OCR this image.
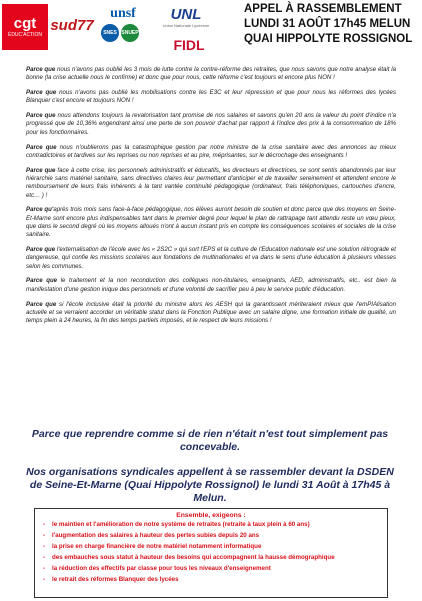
cgt
ÉDUC'ACTION
sud77
unsf
SNES SNUEP
UNL
Union Nationale Lycéenne
FIDL
APPEL À RASSEMBLEMENT
LUNDI 31 AOÛT 17h45 MELUN
QUAI HIPPOLYTE ROSSIGNOL

Parce que nous n'avons pas oublié les 3 mois de lutte contre la contre-réforme des retraites, que nous savons que notre analyse était la bonne (la crise actuelle nous le confirme) et donc que pour nous, cette réforme c'est toujours et encore plus NON !

Parce que nous n'avons pas oublié les mobilisations contre les E3C et leur répression et que pour nous les réformes des lycées Blanquer c'est encore et toujours NON !

Parce que nous attendons toujours la revalorisation tant promise de nos salaires et savons qu'en 20 ans la valeur du point d'indice n'a progressé que de 10,36% engendrant ainsi une perte de son pouvoir d'achat par rapport à l'indice des prix à la consommation de 18% pour les fonctionnaires.

Parce que nous n'oublierons pas la catastrophique gestion par notre ministre de la crise sanitaire avec des annonces au mieux contradictoires et tardives sur les reprises ou non reprises et au pire, méprisantes, sur le décrochage des enseignants !

Parce que face à cette crise, les personnels administratifs et éducatifs, les directeurs et directrices, se sont sentis abandonnés par leur hiérarchie sans matériel sanitaire, sans directives claires leur permettant d'anticiper et de travailler sereinement et attendent encore le remboursement de leurs frais inhérents à la tant vantée continuité pédagogique (ordinateur, frais téléphoniques, cartouches d'encre, etc… ) !

Parce qu'après trois mois sans face-à-face pédagogique, nos élèves auront besoin de soutien et donc parce que des moyens en Seine-Et-Marne sont encore plus indispensables tant dans le premier degré pour lequel le plan de rattrapage tant attendu reste un vœu pieux, que dans le second degré où les moyens alloués n'ont à aucun instant pris en compte les conséquences scolaires et sociales de la crise sanitaire.

Parce que l'externalisation de l'école avec les « 2S2C » qui sort l'EPS et la culture de l'Education nationale est une solution rétrograde et dangereuse, qui confie les missions scolaires aux fondations de multinationales et va dans le sens d'une éducation à plusieurs vitesses selon les communes.

Parce que le traitement et la non reconduction des collègues non-titulaires, enseignants, AED, administratifs, etc.. est bien la manifestation d'une gestion inique des personnels et d'une volonté de sacrifier peu à peu le service public d'éducation.

Parce que si l'école inclusive était la priorité du ministre alors les AESH qui la garantissent mériteraient mieux que l'emPIAlisation actuelle et se verraient accorder un véritable statut dans la Fonction Publique avec un salaire digne, une formation initiale de qualité, un temps plein à 24 heures, la fin des temps partiels imposés, et le respect de leurs missions !

Parce que reprendre comme si de rien n'était n'est tout simplement pas concevable.
Nos organisations syndicales appellent à se rassembler devant la DSDEN de Seine-Et-Marne (Quai Hippolyte Rossignol) le lundi 31 Août à 17h45 à Melun.
Ensemble, exigeons :
- le maintien et l'amélioration de notre système de retraites (retraite à taux plein à 60 ans)
- l'augmentation des salaires à hauteur des pertes subies depuis 20 ans
- la prise en charge financière de notre matériel notamment informatique
- des embauches sous statut à hauteur des besoins qui accompagnent la hausse démographique
- la réduction des effectifs par classe pour tous les niveaux d'enseignement
- le retrait des réformes Blanquer des lycées
